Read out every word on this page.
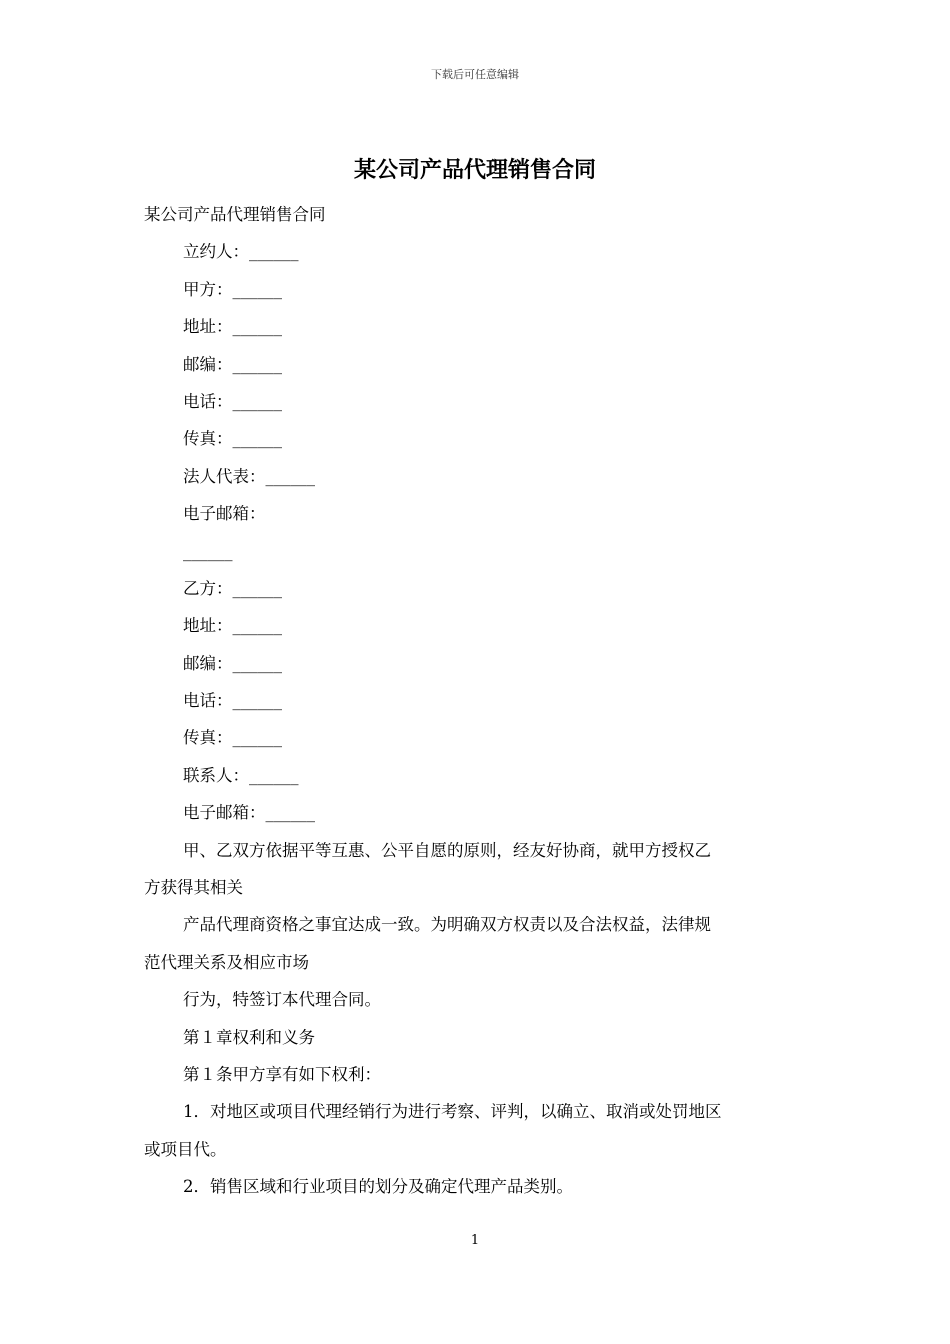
下载后可任意编辑
某公司产品代理销售合同
某公司产品代理销售合同
立约人：______
甲方：______
地址：______
邮编：______
电话：______
传真：______
法人代表：______
电子邮箱：
______
乙方：______
地址：______
邮编：______
电话：______
传真：______
联系人：______
电子邮箱：______
甲、乙双方依据平等互惠、公平自愿的原则，经友好协商，就甲方授权乙
方获得其相关
产品代理商资格之事宜达成一致。为明确双方权责以及合法权益，法律规
范代理关系及相应市场
行为，特签订本代理合同。
第１章权利和义务
第１条甲方享有如下权利：
1．对地区或项目代理经销行为进行考察、评判，以确立、取消或处罚地区
或项目代。
2．销售区域和行业项目的划分及确定代理产品类别。
1
